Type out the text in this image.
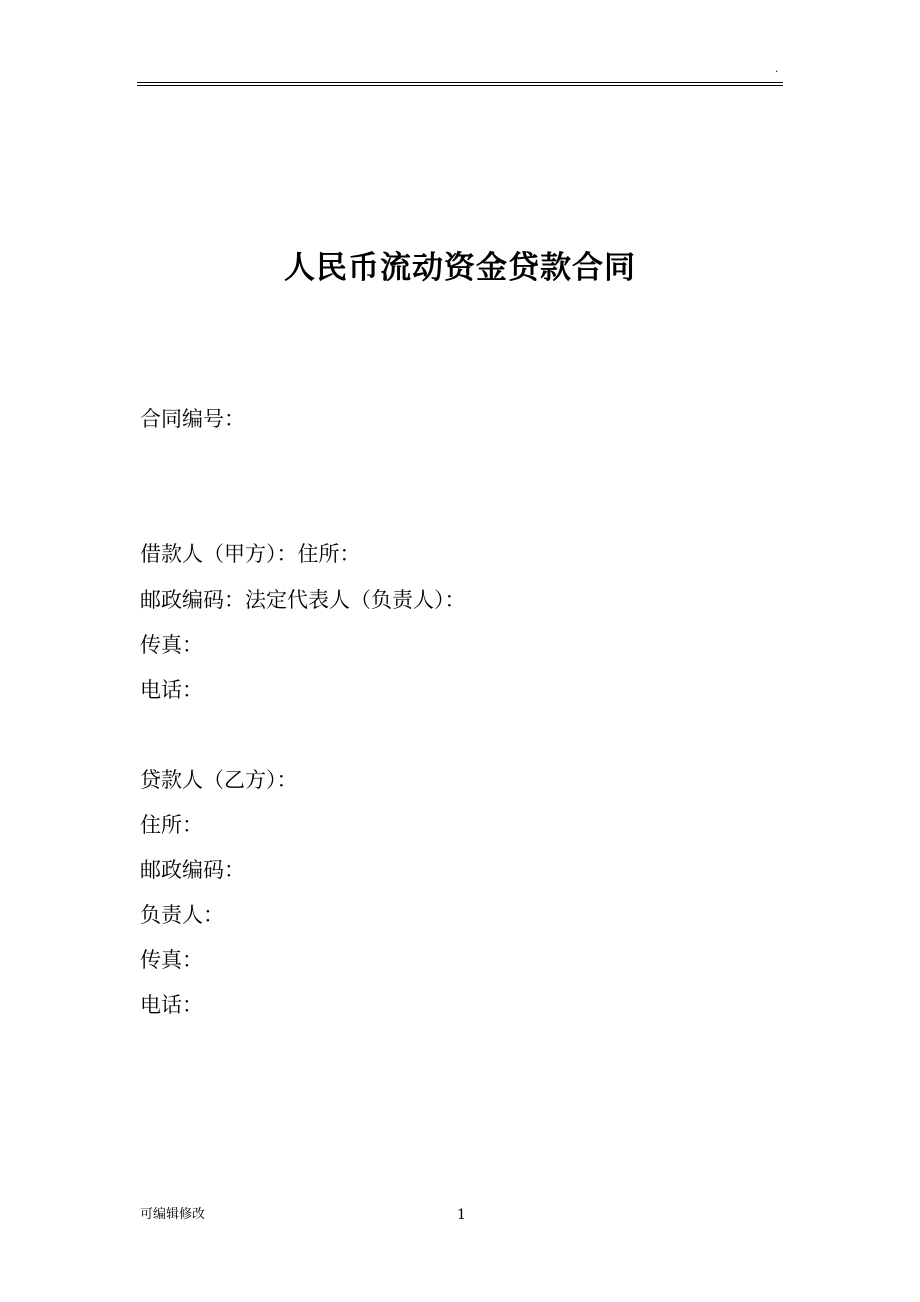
.
人民币流动资金贷款合同
合同编号：
借款人（甲方）：住所：
邮政编码：法定代表人（负责人）：
传真：
电话：
贷款人（乙方）：
住所：
邮政编码：
负责人：
传真：
电话：
可编辑修改	1
